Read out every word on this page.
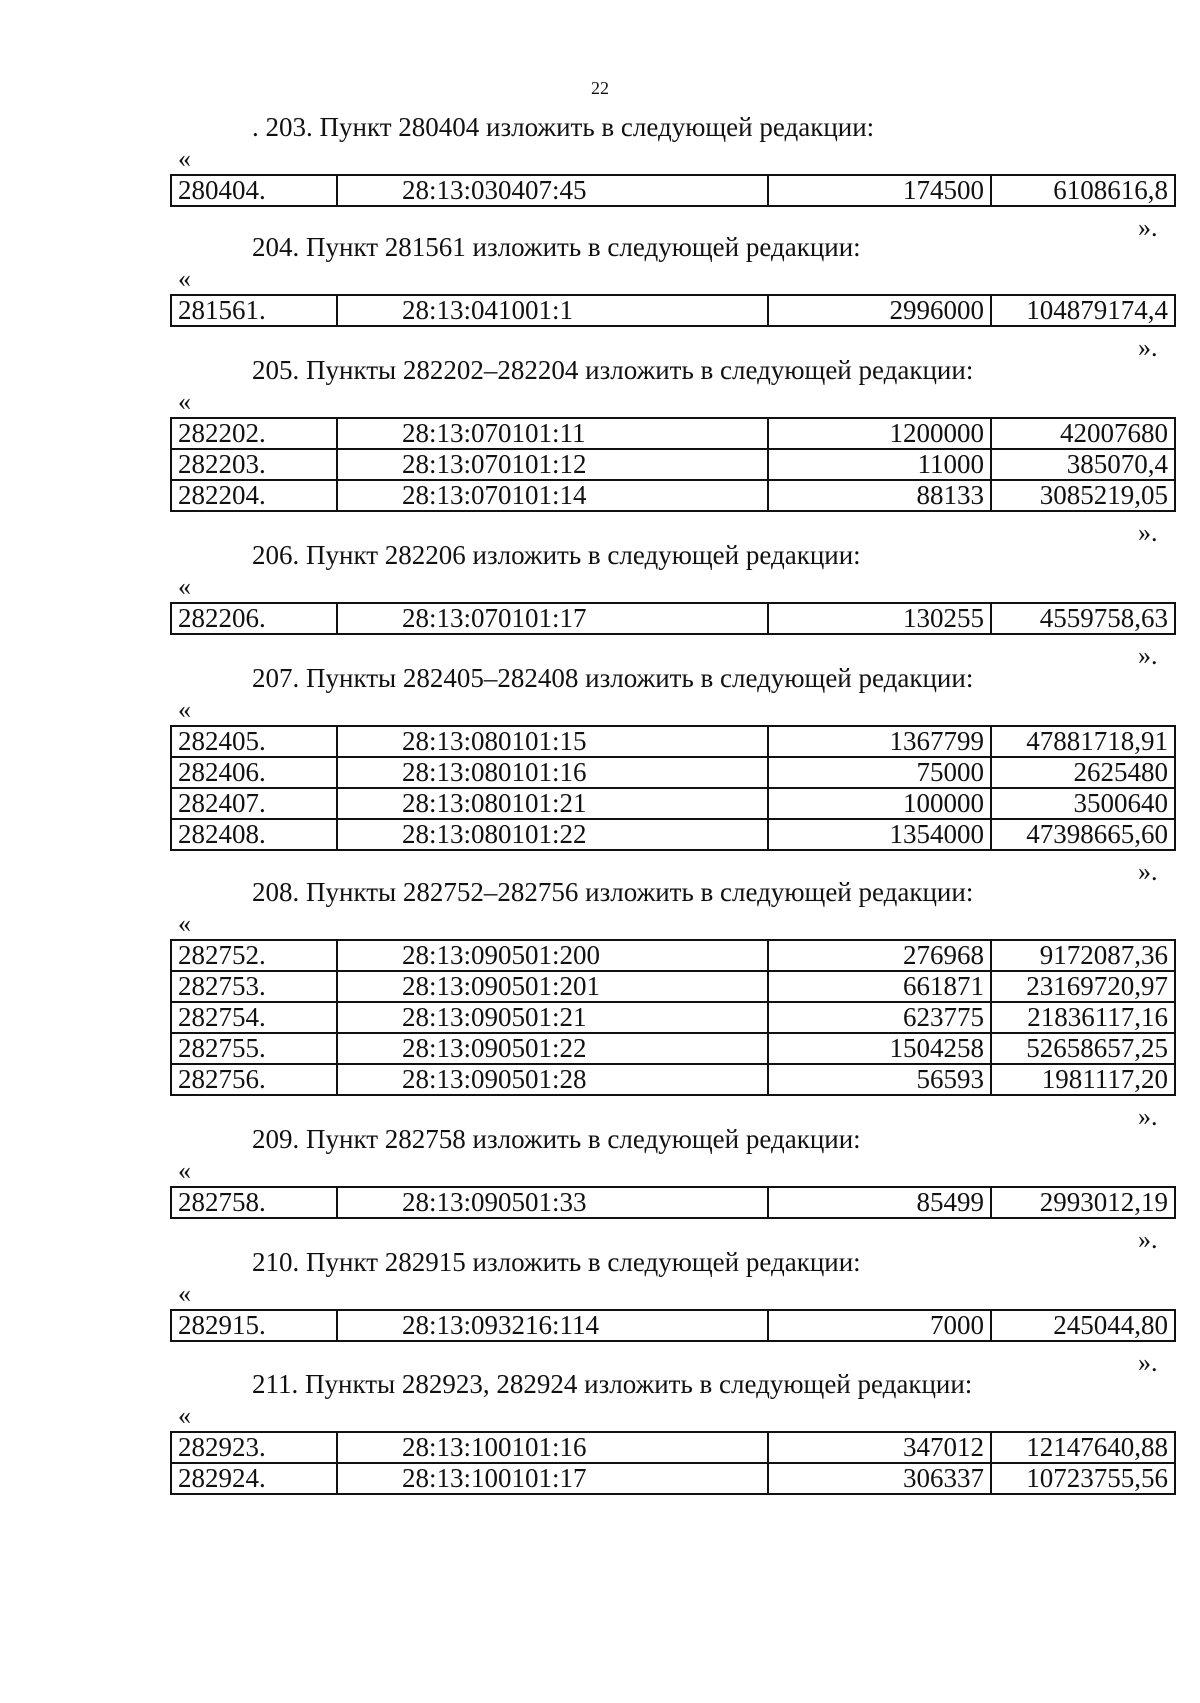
22
. 203. Пункт 280404 изложить в следующей редакции:
«
280404.	28:13:030407:45	174500	6108616,8
».
204. Пункт 281561 изложить в следующей редакции:
«
281561.	28:13:041001:1	2996000	104879174,4
».
205. Пункты 282202–282204 изложить в следующей редакции:
«
282202.	28:13:070101:11	1200000	42007680
282203.	28:13:070101:12	11000	385070,4
282204.	28:13:070101:14	88133	3085219,05
».
206. Пункт 282206 изложить в следующей редакции:
«
282206.	28:13:070101:17	130255	4559758,63
».
207. Пункты 282405–282408 изложить в следующей редакции:
«
282405.	28:13:080101:15	1367799	47881718,91
282406.	28:13:080101:16	75000	2625480
282407.	28:13:080101:21	100000	3500640
282408.	28:13:080101:22	1354000	47398665,60
».
208. Пункты 282752–282756 изложить в следующей редакции:
«
282752.	28:13:090501:200	276968	9172087,36
282753.	28:13:090501:201	661871	23169720,97
282754.	28:13:090501:21	623775	21836117,16
282755.	28:13:090501:22	1504258	52658657,25
282756.	28:13:090501:28	56593	1981117,20
».
209. Пункт 282758 изложить в следующей редакции:
«
282758.	28:13:090501:33	85499	2993012,19
».
210. Пункт 282915 изложить в следующей редакции:
«
282915.	28:13:093216:114	7000	245044,80
».
211. Пункты 282923, 282924 изложить в следующей редакции:
«
282923.	28:13:100101:16	347012	12147640,88
282924.	28:13:100101:17	306337	10723755,56
